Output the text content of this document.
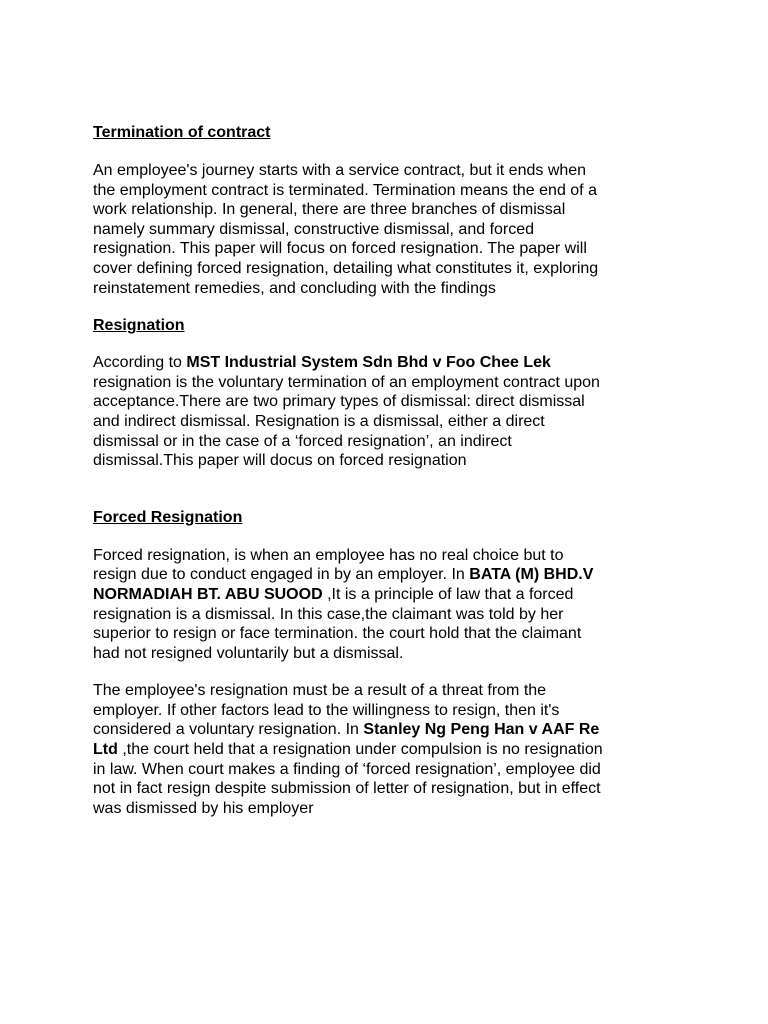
Termination of contract
An employee's journey starts with a service contract, but it ends when
the employment contract is terminated. Termination means the end of a
work relationship. In general, there are three branches of dismissal
namely summary dismissal, constructive dismissal, and forced
resignation. This paper will focus on forced resignation. The paper will
cover defining forced resignation, detailing what constitutes it, exploring
reinstatement remedies, and concluding with the findings
Resignation
According to MST Industrial System Sdn Bhd v Foo Chee Lek
resignation is the voluntary termination of an employment contract upon
acceptance.There are two primary types of dismissal: direct dismissal
and indirect dismissal. Resignation is a dismissal, either a direct
dismissal or in the case of a ‘forced resignation’, an indirect
dismissal.This paper will docus on forced resignation
Forced Resignation
Forced resignation, is when an employee has no real choice but to
resign due to conduct engaged in by an employer. In BATA (M) BHD.V
NORMADIAH BT. ABU SUOOD ,It is a principle of law that a forced
resignation is a dismissal. In this case,the claimant was told by her
superior to resign or face termination. the court hold that the claimant
had not resigned voluntarily but a dismissal.
The employee's resignation must be a result of a threat from the
employer. If other factors lead to the willingness to resign, then it's
considered a voluntary resignation. In Stanley Ng Peng Han v AAF Re
Ltd ,the court held that a resignation under compulsion is no resignation
in law. When court makes a finding of ‘forced resignation’, employee did
not in fact resign despite submission of letter of resignation, but in effect
was dismissed by his employer
